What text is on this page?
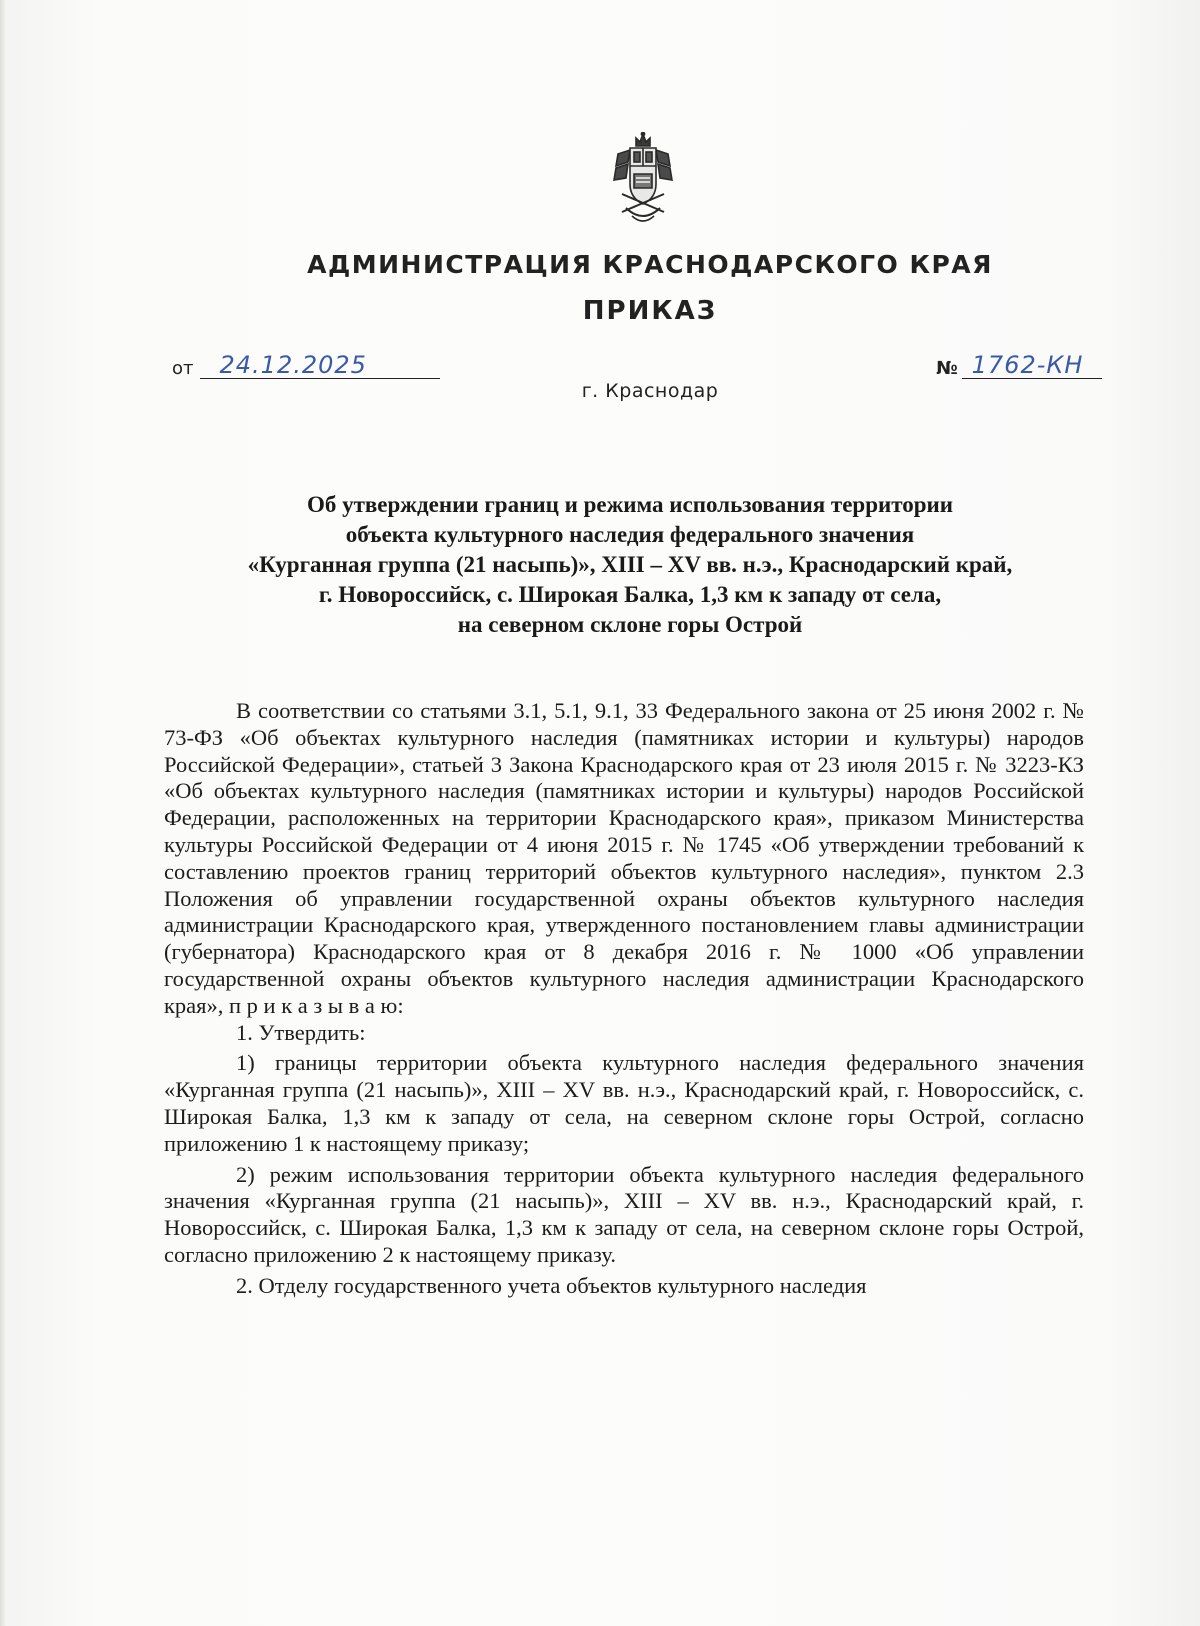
АДМИНИСТРАЦИЯ КРАСНОДАРСКОГО КРАЯ
ПРИКАЗ
от	24.12.2025	№ 1762-КН
г. Краснодар
Об утверждении границ и режима использования территории
объекта культурного наследия федерального значения
«Курганная группа (21 насыпь)», XIII – XV вв. н.э., Краснодарский край,
г. Новороссийск, с. Широкая Балка, 1,3 км к западу от села,
на северном склоне горы Острой

В соответствии со статьями 3.1, 5.1, 9.1, 33 Федерального закона от 25 июня 2002 г. № 73-ФЗ «Об объектах культурного наследия (памятниках истории и культуры) народов Российской Федерации», статьей 3 Закона Краснодарского края от 23 июля 2015 г. № 3223-КЗ «Об объектах культурного наследия (памятниках истории и культуры) народов Российской Федерации, расположенных на территории Краснодарского края», приказом Министерства культуры Российской Федерации от 4 июня 2015 г. № 1745 «Об утверждении требований к составлению проектов границ территорий объектов культурного наследия», пунктом 2.3 Положения об управлении государственной охраны объектов культурного наследия администрации Краснодарского края, утвержденного постановлением главы администрации (губернатора) Краснодарского края от 8 декабря 2016 г. № 1000 «Об управлении государственной охраны объектов культурного наследия администрации Краснодарского края», п р и к а з ы в а ю:

1. Утвердить:

1) границы территории объекта культурного наследия федерального значения «Курганная группа (21 насыпь)», XIII – XV вв. н.э., Краснодарский край, г. Новороссийск, с. Широкая Балка, 1,3 км к западу от села, на северном склоне горы Острой, согласно приложению 1 к настоящему приказу;

2) режим использования территории объекта культурного наследия федерального значения «Курганная группа (21 насыпь)», XIII – XV вв. н.э., Краснодарский край, г. Новороссийск, с. Широкая Балка, 1,3 км к западу от села, на северном склоне горы Острой, согласно приложению 2 к настоящему приказу.

2. Отделу государственного учета объектов культурного наследия
